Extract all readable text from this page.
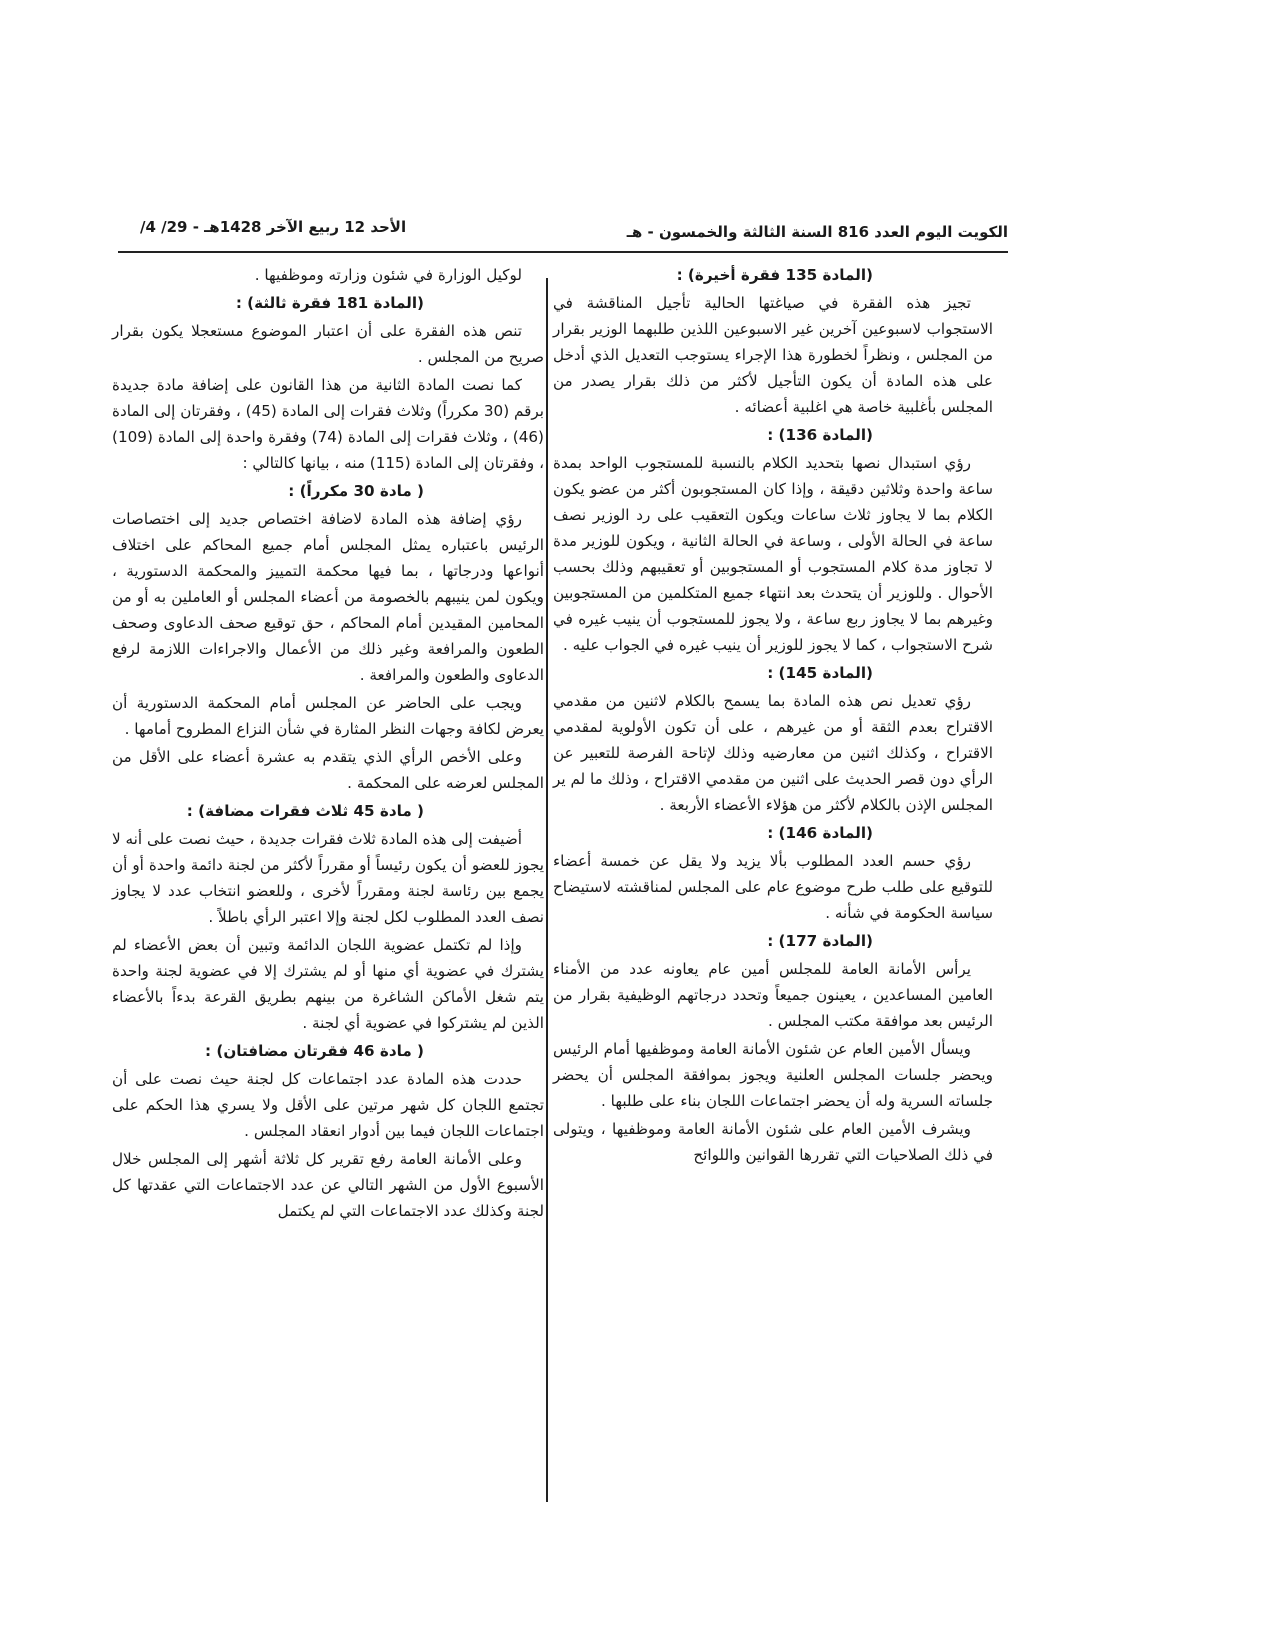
الكويت اليوم العدد 816 السنة الثالثة والخمسون - هـ
الأحد 12 ربيع الآخر 1428هـ - 29/ 4/
(المادة 135 فقرة أخيرة) :

تجيز هذه الفقرة في صياغتها الحالية تأجيل المناقشة في الاستجواب لاسبوعين آخرين غير الاسبوعين اللذين طلبهما الوزير بقرار من المجلس ، ونظراً لخطورة هذا الإجراء يستوجب التعديل الذي أدخل على هذه المادة أن يكون التأجيل لأكثر من ذلك بقرار يصدر من المجلس بأغلبية خاصة هي اغلبية أعضائه .

(المادة 136) :

رؤي استبدال نصها بتحديد الكلام بالنسبة للمستجوب الواحد بمدة ساعة واحدة وثلاثين دقيقة ، وإذا كان المستجوبون أكثر من عضو يكون الكلام بما لا يجاوز ثلاث ساعات ويكون التعقيب على رد الوزير نصف ساعة في الحالة الأولى ، وساعة في الحالة الثانية ، ويكون للوزير مدة لا تجاوز مدة كلام المستجوب أو المستجوبين أو تعقيبهم وذلك بحسب الأحوال . وللوزير أن يتحدث بعد انتهاء جميع المتكلمين من المستجوبين وغيرهم بما لا يجاوز ربع ساعة ، ولا يجوز للمستجوب أن ينيب غيره في شرح الاستجواب ، كما لا يجوز للوزير أن ينيب غيره في الجواب عليه .

(المادة 145) :

رؤي تعديل نص هذه المادة بما يسمح بالكلام لاثنين من مقدمي الاقتراح بعدم الثقة أو من غيرهم ، على أن تكون الأولوية لمقدمي الاقتراح ، وكذلك اثنين من معارضيه وذلك لإتاحة الفرصة للتعبير عن الرأي دون قصر الحديث على اثنين من مقدمي الاقتراح ، وذلك ما لم ير المجلس الإذن بالكلام لأكثر من هؤلاء الأعضاء الأربعة .

(المادة 146) :

رؤي حسم العدد المطلوب بألا يزيد ولا يقل عن خمسة أعضاء للتوقيع على طلب طرح موضوع عام على المجلس لمناقشته لاستيضاح سياسة الحكومة في شأنه .

(المادة 177) :

يرأس الأمانة العامة للمجلس أمين عام يعاونه عدد من الأمناء العامين المساعدين ، يعينون جميعاً وتحدد درجاتهم الوظيفية بقرار من الرئيس بعد موافقة مكتب المجلس .

ويسأل الأمين العام عن شئون الأمانة العامة وموظفيها أمام الرئيس ويحضر جلسات المجلس العلنية ويجوز بموافقة المجلس أن يحضر جلساته السرية وله أن يحضر اجتماعات اللجان بناء على طلبها .

ويشرف الأمين العام على شئون الأمانة العامة وموظفيها ، ويتولى في ذلك الصلاحيات التي تقررها القوانين واللوائح

لوكيل الوزارة في شئون وزارته وموظفيها .

(المادة 181 فقرة ثالثة) :

تنص هذه الفقرة على أن اعتبار الموضوع مستعجلا يكون بقرار صريح من المجلس .

كما نصت المادة الثانية من هذا القانون على إضافة مادة جديدة برقم (30 مكرراً) وثلاث فقرات إلى المادة (45) ، وفقرتان إلى المادة (46) ، وثلاث فقرات إلى المادة (74) وفقرة واحدة إلى المادة (109) ، وفقرتان إلى المادة (115) منه ، بيانها كالتالي :

( مادة 30 مكرراً) :

رؤي إضافة هذه المادة لاضافة اختصاص جديد إلى اختصاصات الرئيس باعتباره يمثل المجلس أمام جميع المحاكم على اختلاف أنواعها ودرجاتها ، بما فيها محكمة التمييز والمحكمة الدستورية ، ويكون لمن ينيبهم بالخصومة من أعضاء المجلس أو العاملين به أو من المحامين المقيدين أمام المحاكم ، حق توقيع صحف الدعاوى وصحف الطعون والمرافعة وغير ذلك من الأعمال والاجراءات اللازمة لرفع الدعاوى والطعون والمرافعة .

ويجب على الحاضر عن المجلس أمام المحكمة الدستورية أن يعرض لكافة وجهات النظر المثارة في شأن النزاع المطروح أمامها .

وعلى الأخص الرأي الذي يتقدم به عشرة أعضاء على الأقل من المجلس لعرضه على المحكمة .

( مادة 45 ثلاث فقرات مضافة) :

أضيفت إلى هذه المادة ثلاث فقرات جديدة ، حيث نصت على أنه لا يجوز للعضو أن يكون رئيساً أو مقرراً لأكثر من لجنة دائمة واحدة أو أن يجمع بين رئاسة لجنة ومقرراً لأخرى ، وللعضو انتخاب عدد لا يجاوز نصف العدد المطلوب لكل لجنة وإلا اعتبر الرأي باطلاً .

وإذا لم تكتمل عضوية اللجان الدائمة وتبين أن بعض الأعضاء لم يشترك في عضوية أي منها أو لم يشترك إلا في عضوية لجنة واحدة يتم شغل الأماكن الشاغرة من بينهم بطريق القرعة بدءاً بالأعضاء الذين لم يشتركوا في عضوية أي لجنة .

( مادة 46 فقرتان مضافتان) :

حددت هذه المادة عدد اجتماعات كل لجنة حيث نصت على أن تجتمع اللجان كل شهر مرتين على الأقل ولا يسري هذا الحكم على اجتماعات اللجان فيما بين أدوار انعقاد المجلس .

وعلى الأمانة العامة رفع تقرير كل ثلاثة أشهر إلى المجلس خلال الأسبوع الأول من الشهر التالي عن عدد الاجتماعات التي عقدتها كل لجنة وكذلك عدد الاجتماعات التي لم يكتمل
